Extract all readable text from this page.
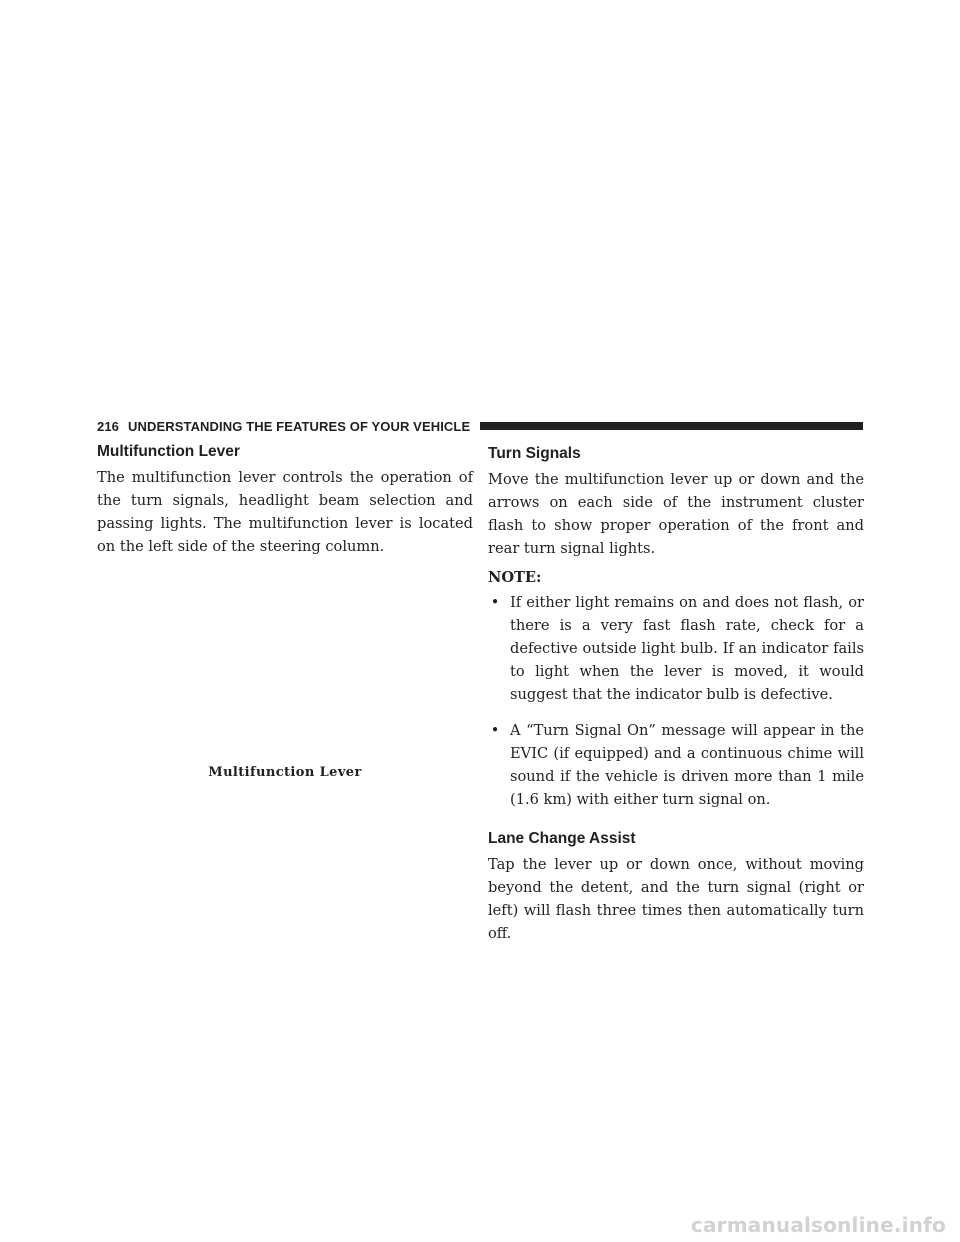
216 UNDERSTANDING THE FEATURES OF YOUR VEHICLE
Multifunction Lever

The multifunction lever controls the operation of the turn signals, headlight beam selection and passing lights. The multifunction lever is located on the left side of the steering column.

Multifunction Lever
Turn Signals

Move the multifunction lever up or down and the arrows on each side of the instrument cluster flash to show proper operation of the front and rear turn signal lights.

NOTE:
• If either light remains on and does not flash, or there is a very fast flash rate, check for a defective outside light bulb. If an indicator fails to light when the lever is moved, it would suggest that the indicator bulb is defective.
• A “Turn Signal On” message will appear in the EVIC (if equipped) and a continuous chime will sound if the vehicle is driven more than 1 mile (1.6 km) with either turn signal on.
Lane Change Assist

Tap the lever up or down once, without moving beyond the detent, and the turn signal (right or left) will flash three times then automatically turn off.

carmanualsonline.info
